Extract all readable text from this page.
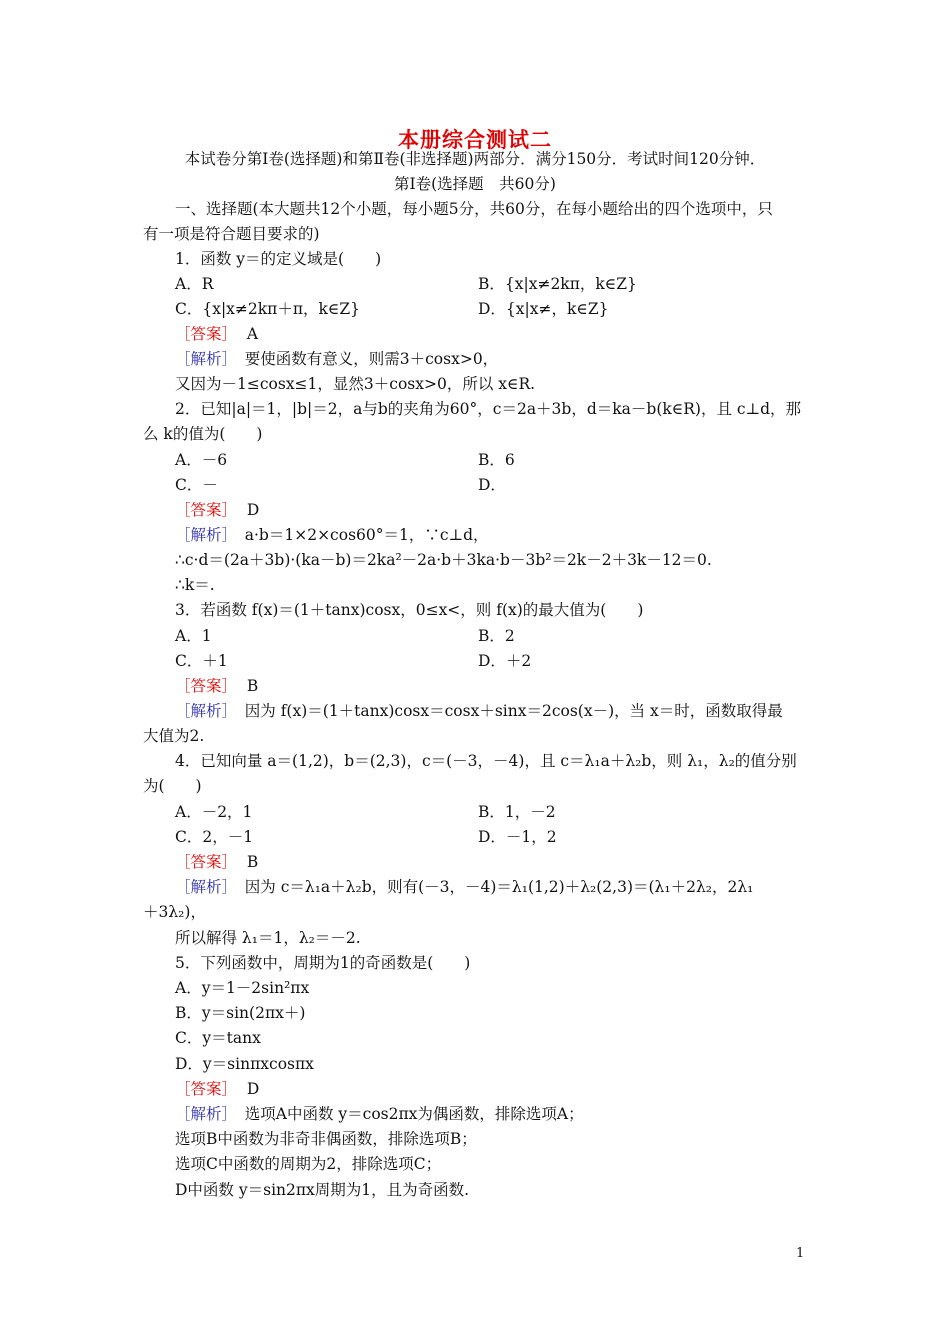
本册综合测试二
本试卷分第Ⅰ卷(选择题)和第Ⅱ卷(非选择题)两部分．满分150分．考试时间120分钟．
第Ⅰ卷(选择题　共60分)
一、选择题(本大题共12个小题，每小题5分，共60分，在每小题给出的四个选项中，只
有一项是符合题目要求的)
1．函数 y＝的定义域是(　　)
A．R	B．{x|x≠2kπ，k∈Z}
C．{x|x≠2kπ＋π，k∈Z}	D．{x|x≠，k∈Z}
［答案］ A
［解析］　要使函数有意义，则需3＋cosx>0，
又因为－1≤cosx≤1，显然3＋cosx>0，所以 x∈R.
2．已知|a|＝1，|b|＝2，a与b的夹角为60°，c＝2a＋3b，d＝ka－b(k∈R)，且 c⊥d，那
么 k的值为(　　)
A．－6	B．6
C．－	D．
［答案］ D
［解析］　a·b＝1×2×cos60°＝1，∵c⊥d，
∴c·d＝(2a＋3b)·(ka－b)＝2ka²－2a·b＋3ka·b－3b²＝2k－2＋3k－12＝0.
∴k＝.
3．若函数 f(x)＝(1＋tanx)cosx，0≤x<，则 f(x)的最大值为(　　)
A．1	B．2
C．＋1	D．＋2
［答案］ B
［解析］　因为 f(x)＝(1＋tanx)cosx＝cosx＋sinx＝2cos(x－)，当 x＝时，函数取得最
大值为2.
4．已知向量 a＝(1,2)，b＝(2,3)，c＝(－3，－4)，且 c＝λ₁a＋λ₂b，则 λ₁，λ₂的值分别
为(　　)
A．－2，1	B．1，－2
C．2，－1	D．－1，2
［答案］ B
［解析］　因为 c＝λ₁a＋λ₂b，则有(－3，－4)＝λ₁(1,2)＋λ₂(2,3)＝(λ₁＋2λ₂，2λ₁
＋3λ₂)，
所以解得 λ₁＝1，λ₂＝－2.
5．下列函数中，周期为1的奇函数是(　　)
A．y＝1－2sin²πx
B．y＝sin(2πx＋)
C．y＝tanx
D．y＝sinπxcosπx
［答案］ D
［解析］　选项A中函数 y＝cos2πx为偶函数，排除选项A；
选项B中函数为非奇非偶函数，排除选项B；
选项C中函数的周期为2，排除选项C；
D中函数 y＝sin2πx周期为1，且为奇函数.
1
